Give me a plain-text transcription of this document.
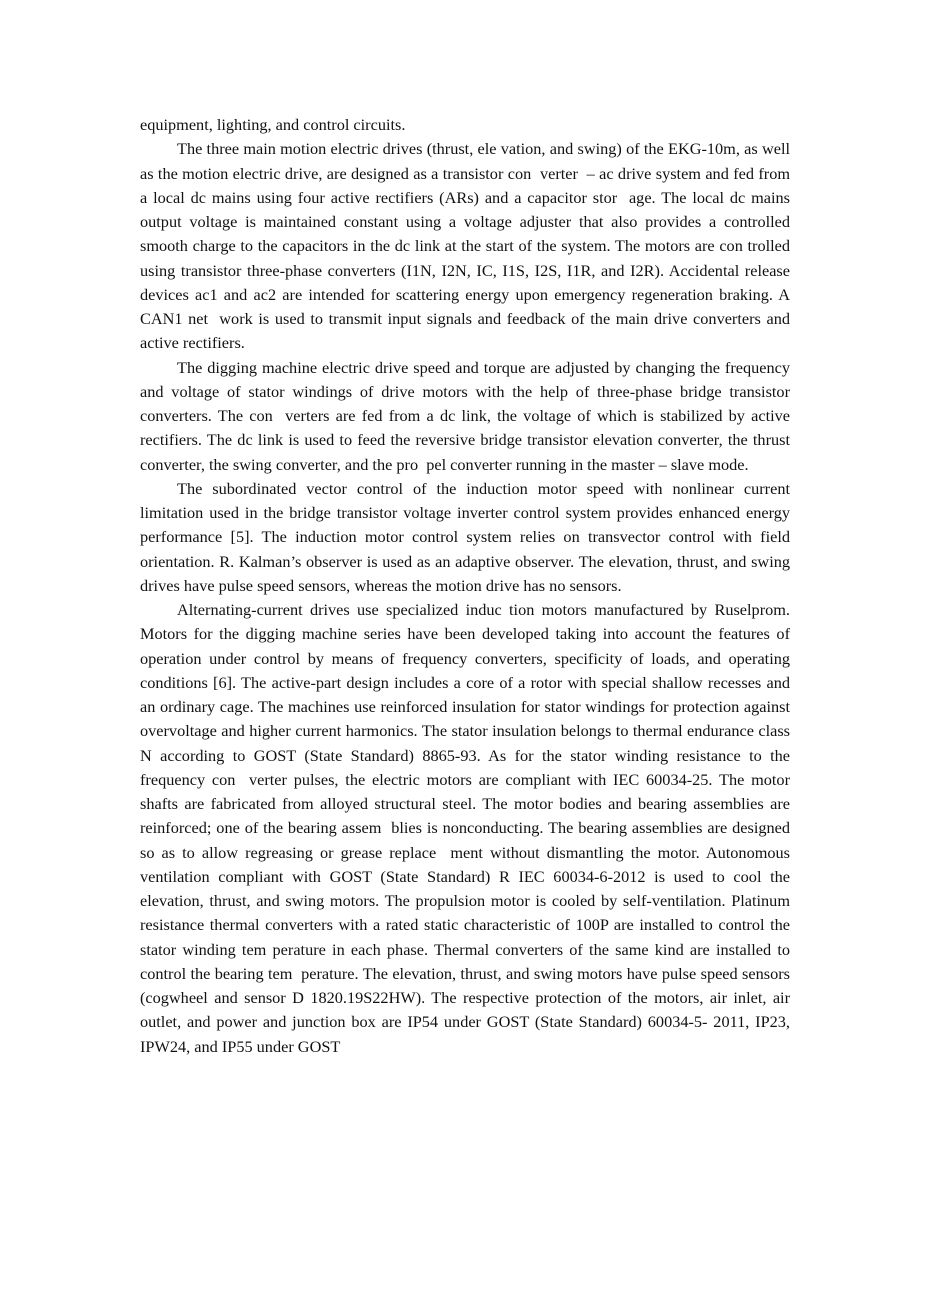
equipment, lighting, and control circuits.

The three main motion electric drives (thrust, ele vation, and swing) of the EKG-10m, as well as the motion electric drive, are designed as a transistor con  verter  ‒ ac drive system and fed from a local dc mains using four active rectifiers (ARs) and a capacitor stor  age. The local dc mains output voltage is maintained constant using a voltage adjuster that also provides a controlled smooth charge to the capacitors in the dc link at the start of the system. The motors are con trolled using transistor three-phase converters (I1N, I2N, IC, I1S, I2S, I1R, and I2R). Accidental release devices ac1 and ac2 are intended for scattering energy upon emergency regeneration braking. A CAN1 net  work is used to transmit input signals and feedback of the main drive converters and active rectifiers.

The digging machine electric drive speed and torque are adjusted by changing the frequency and voltage of stator windings of drive motors with the help of three-phase bridge transistor converters. The con  verters are fed from a dc link, the voltage of which is stabilized by active rectifiers. The dc link is used to feed the reversive bridge transistor elevation converter, the thrust converter, the swing converter, and the pro  pel converter running in the master ‒ slave mode.

The subordinated vector control of the induction motor speed with nonlinear current limitation used in the bridge transistor voltage inverter control system provides enhanced energy performance [5]. The induction motor control system relies on transvector control with field orientation. R. Kalman’s observer is used as an adaptive observer. The elevation, thrust, and swing drives have pulse speed sensors, whereas the motion drive has no sensors.

Alternating-current drives use specialized induc tion motors manufactured by Ruselprom. Motors for the digging machine series have been developed taking into account the features of operation under control by means of frequency converters, specificity of loads, and operating conditions [6]. The active-part design includes a core of a rotor with special shallow recesses and an ordinary cage. The machines use reinforced insulation for stator windings for protection against overvoltage and higher current harmonics. The stator insulation belongs to thermal endurance class N according to GOST (State Standard) 8865-93. As for the stator winding resistance to the frequency con  verter pulses, the electric motors are compliant with IEC 60034-25. The motor shafts are fabricated from alloyed structural steel. The motor bodies and bearing assemblies are reinforced; one of the bearing assem  blies is nonconducting. The bearing assemblies are designed so as to allow regreasing or grease replace  ment without dismantling the motor. Autonomous ventilation compliant with GOST (State Standard) R IEC 60034-6-2012 is used to cool the elevation, thrust, and swing motors. The propulsion motor is cooled by self-ventilation. Platinum resistance thermal converters with a rated static characteristic of 100P are installed to control the stator winding tem perature in each phase. Thermal converters of the same kind are installed to control the bearing tem  perature. The elevation, thrust, and swing motors have pulse speed sensors (cogwheel and sensor D 1820.19S22HW). The respective protection of the motors, air inlet, air outlet, and power and junction box are IP54 under GOST (State Standard) 60034-5- 2011, IP23, IPW24, and IP55 under GOST
